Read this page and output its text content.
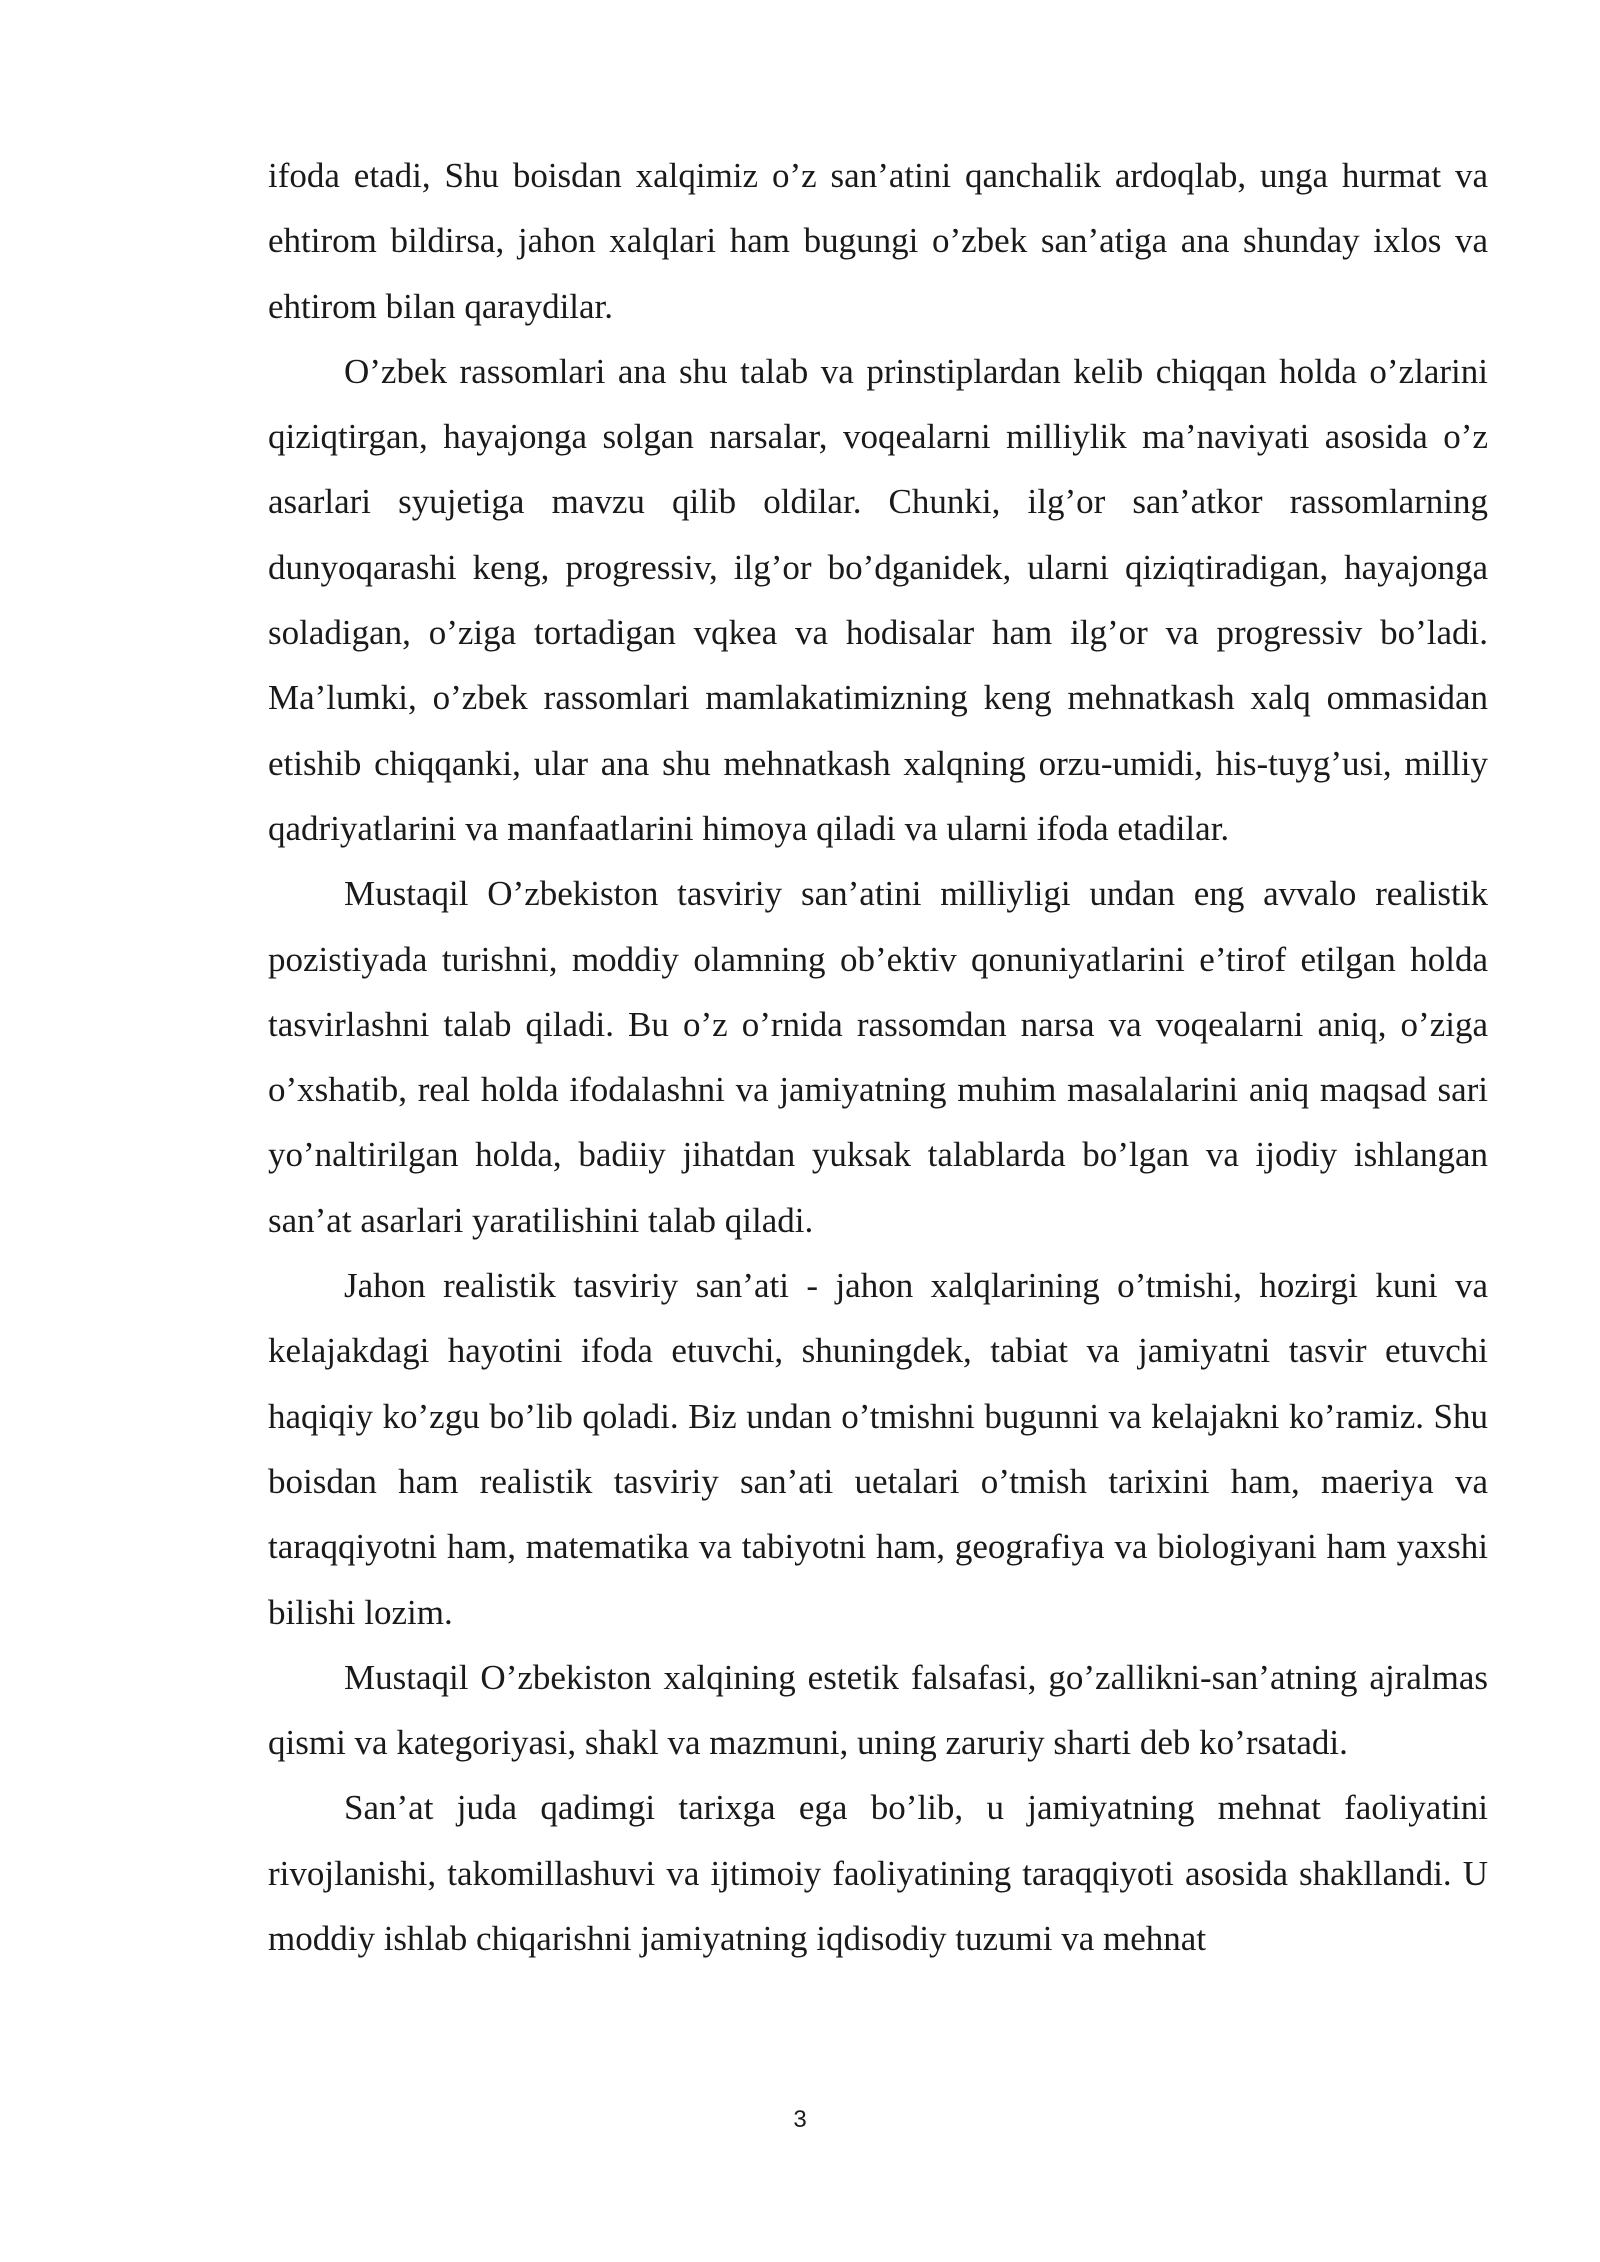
ifoda etadi, Shu boisdan xalqimiz o’z san’atini qanchalik ardoqlab, unga hurmat va ehtirom bildirsa, jahon xalqlari ham bugungi o’zbek san’atiga ana shunday ixlos va ehtirom bilan qaraydilar.

O’zbek rassomlari ana shu talab va prinstiplardan kelib chiqqan holda o’zlarini qiziqtirgan, hayajonga solgan narsalar, voqealarni milliylik ma’naviyati asosida o’z asarlari syujetiga mavzu qilib oldilar. Chunki, ilg’or san’atkor rassomlarning dunyoqarashi keng, progressiv, ilg’or bo’dganidek, ularni qiziqtiradigan, hayajonga soladigan, o’ziga tortadigan vqkea va hodisalar ham ilg’or va progressiv bo’ladi. Ma’lumki, o’zbek rassomlari mamlakatimizning keng mehnatkash xalq ommasidan etishib chiqqanki, ular ana shu mehnatkash xalqning orzu-umidi, his-tuyg’usi, milliy qadriyatlarini va manfaatlarini himoya qiladi va ularni ifoda etadilar.

Mustaqil O’zbekiston tasviriy san’atini milliyligi undan eng avvalo realistik pozistiyada turishni, moddiy olamning ob’ektiv qonuniyatlarini e’tirof etilgan holda tasvirlashni talab qiladi. Bu o’z o’rnida rassomdan narsa va voqealarni aniq, o’ziga o’xshatib, real holda ifodalashni va jamiyatning muhim masalalarini aniq maqsad sari yo’naltirilgan holda, badiiy jihatdan yuksak talablarda bo’lgan va ijodiy ishlangan san’at asarlari yaratilishini talab qiladi.

Jahon realistik tasviriy san’ati - jahon xalqlarining o’tmishi, hozirgi kuni va kelajakdagi hayotini ifoda etuvchi, shuningdek, tabiat va jamiyatni tasvir etuvchi haqiqiy ko’zgu bo’lib qoladi. Biz undan o’tmishni bugunni va kelajakni ko’ramiz. Shu boisdan ham realistik tasviriy san’ati uetalari o’tmish tarixini ham, maeriya va taraqqiyotni ham, matematika va tabiyotni ham, geografiya va biologiyani ham yaxshi bilishi lozim.

Mustaqil O’zbekiston xalqining estetik falsafasi, go’zallikni-san’atning ajralmas qismi va kategoriyasi, shakl va mazmuni, uning zaruriy sharti deb ko’rsatadi.

San’at juda qadimgi tarixga ega bo’lib, u jamiyatning mehnat faoliyatini rivojlanishi, takomillashuvi va ijtimoiy faoliyatining taraqqiyoti asosida shakllandi. U moddiy ishlab chiqarishni jamiyatning iqdisodiy tuzumi va mehnat

3
